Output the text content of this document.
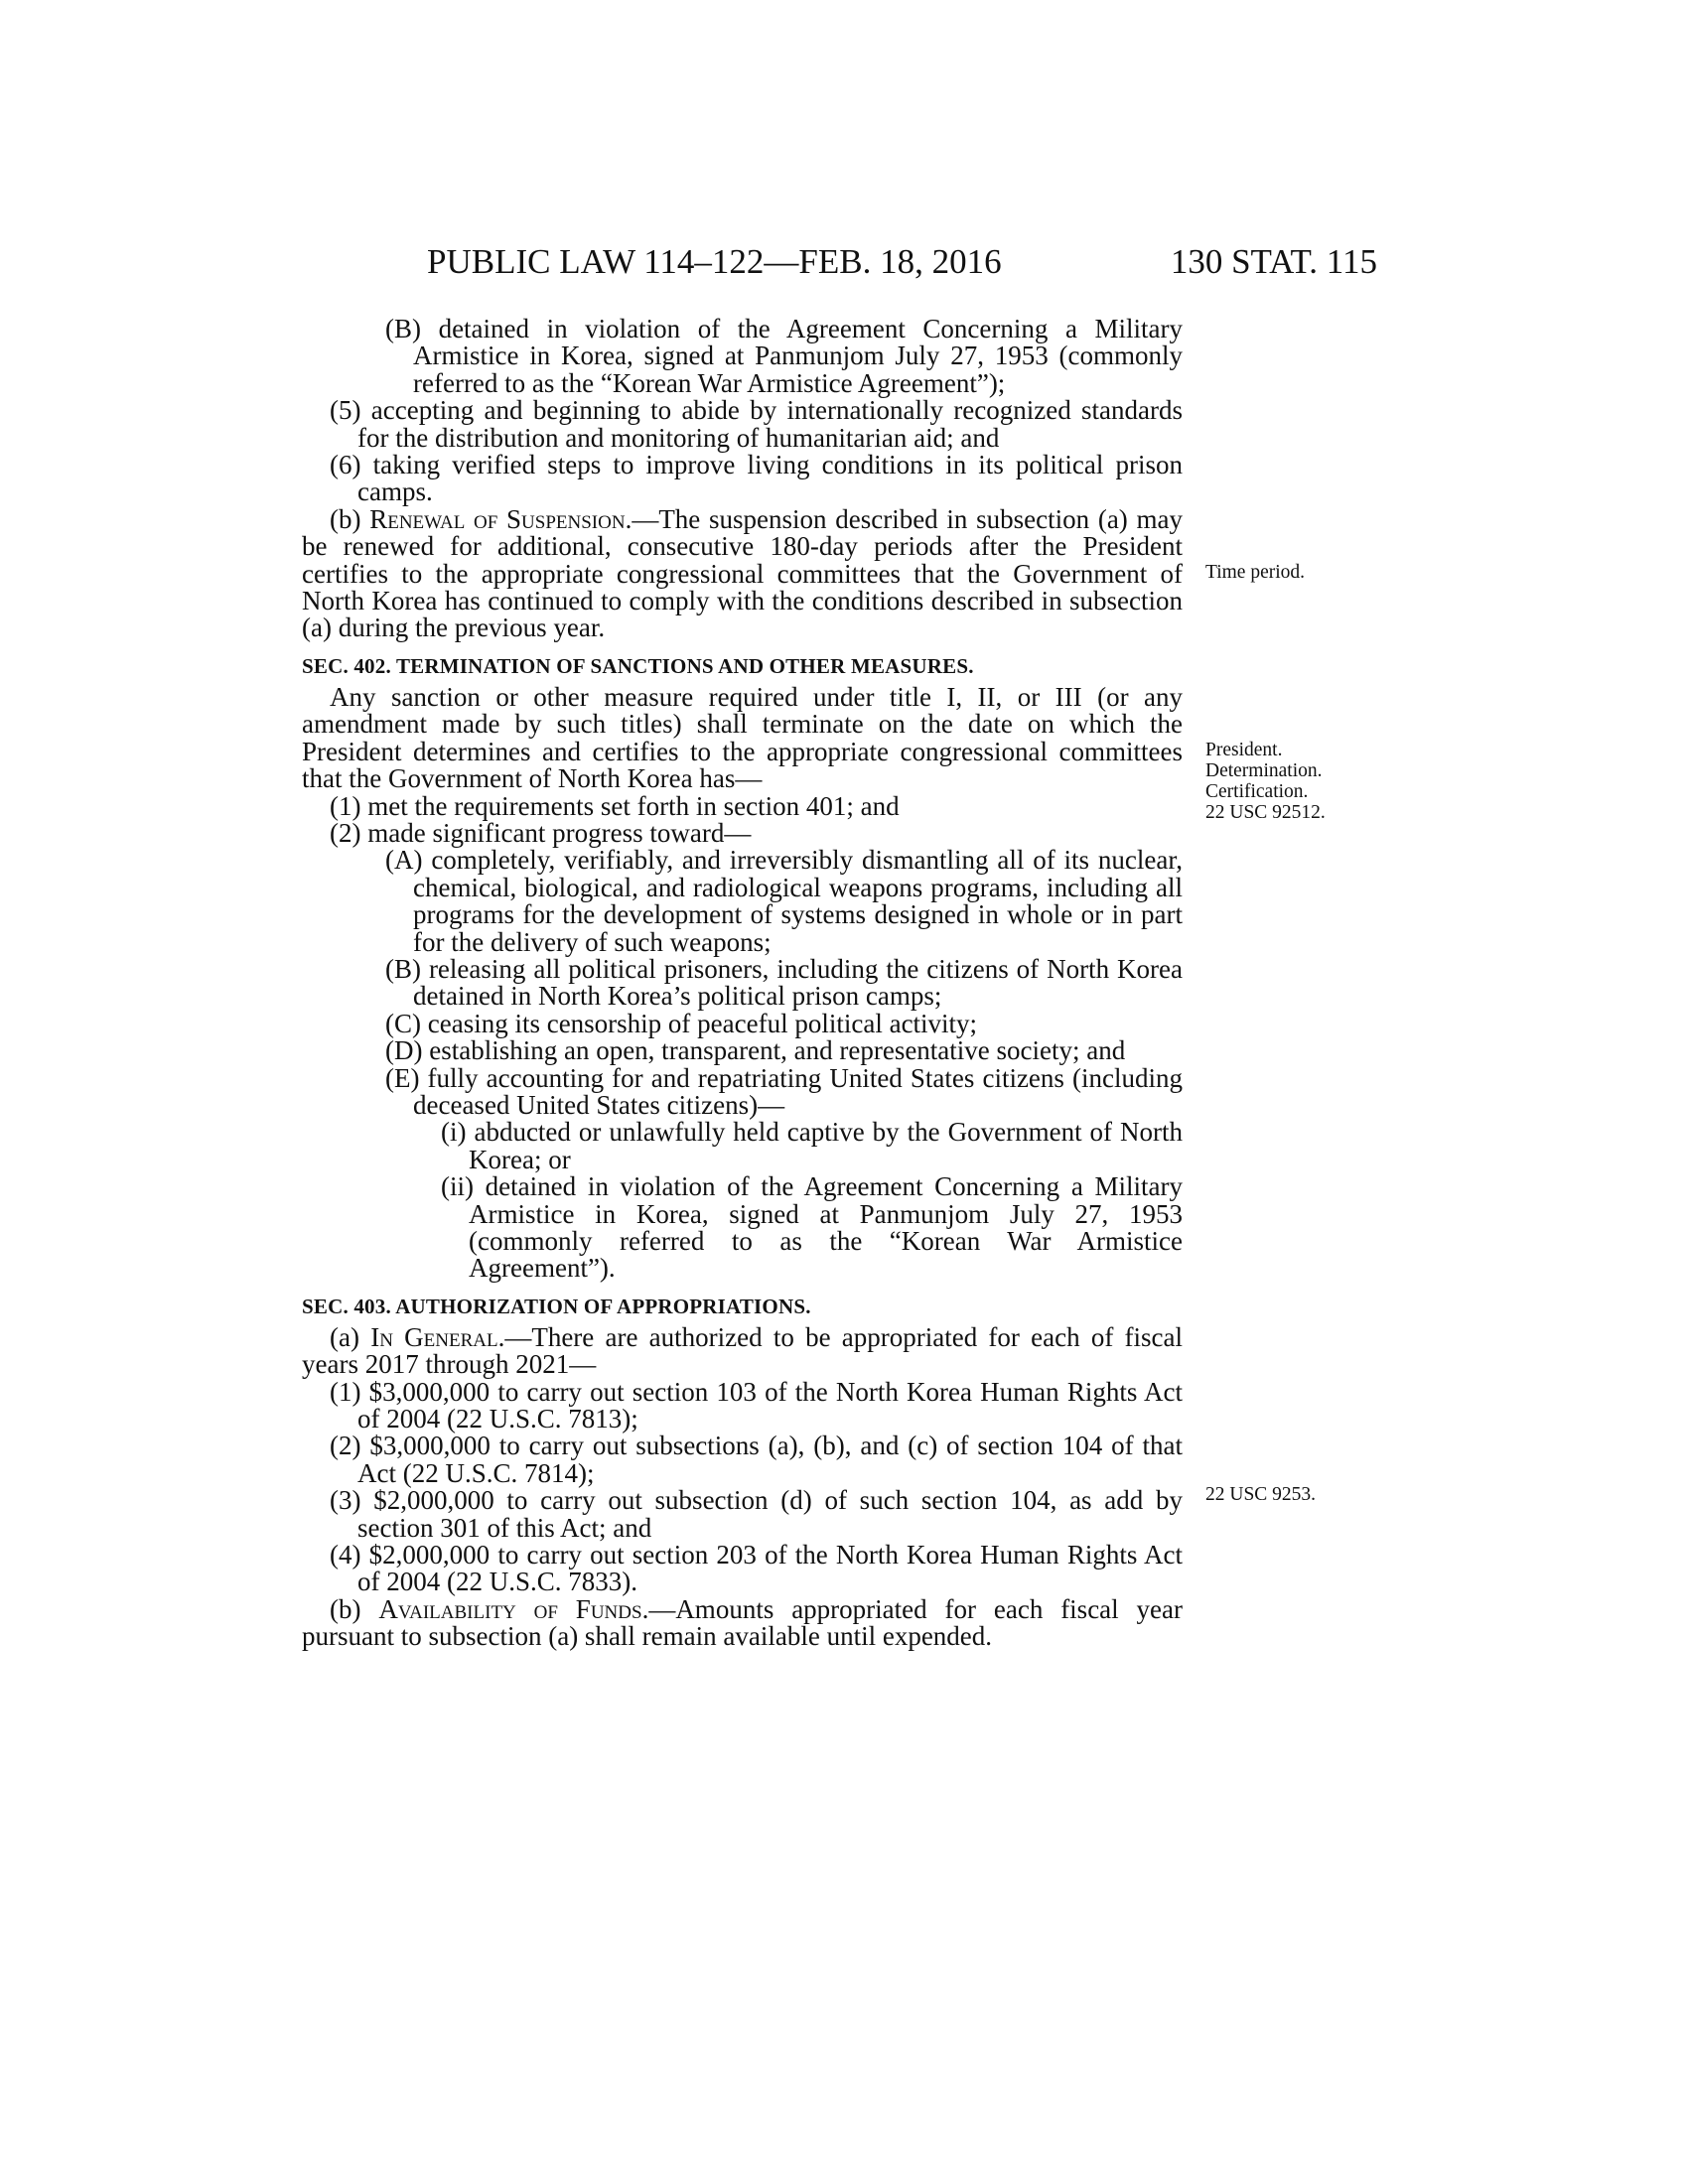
PUBLIC LAW 114–122—FEB. 18, 2016	130 STAT. 115

(B) detained in violation of the Agreement Concerning a Military Armistice in Korea, signed at Panmunjom July 27, 1953 (commonly referred to as the “Korean War Armistice Agreement”);

(5) accepting and beginning to abide by internationally recognized standards for the distribution and monitoring of humanitarian aid; and

(6) taking verified steps to improve living conditions in its political prison camps.

(b) Renewal of Suspension.—The suspension described in subsection (a) may be renewed for additional, consecutive 180-day periods after the President certifies to the appropriate congressional committees that the Government of North Korea has continued to comply with the conditions described in subsection (a) during the previous year.

SEC. 402. TERMINATION OF SANCTIONS AND OTHER MEASURES.

Any sanction or other measure required under title I, II, or III (or any amendment made by such titles) shall terminate on the date on which the President determines and certifies to the appropriate congressional committees that the Government of North Korea has—

(1) met the requirements set forth in section 401; and

(2) made significant progress toward—

(A) completely, verifiably, and irreversibly dismantling all of its nuclear, chemical, biological, and radiological weapons programs, including all programs for the development of systems designed in whole or in part for the delivery of such weapons;

(B) releasing all political prisoners, including the citizens of North Korea detained in North Korea’s political prison camps;

(C) ceasing its censorship of peaceful political activity;

(D) establishing an open, transparent, and representative society; and

(E) fully accounting for and repatriating United States citizens (including deceased United States citizens)—

(i) abducted or unlawfully held captive by the Government of North Korea; or

(ii) detained in violation of the Agreement Concerning a Military Armistice in Korea, signed at Panmunjom July 27, 1953 (commonly referred to as the “Korean War Armistice Agreement”).

SEC. 403. AUTHORIZATION OF APPROPRIATIONS.

(a) In General.—There are authorized to be appropriated for each of fiscal years 2017 through 2021—

(1) $3,000,000 to carry out section 103 of the North Korea Human Rights Act of 2004 (22 U.S.C. 7813);

(2) $3,000,000 to carry out subsections (a), (b), and (c) of section 104 of that Act (22 U.S.C. 7814);

(3) $2,000,000 to carry out subsection (d) of such section 104, as add by section 301 of this Act; and

(4) $2,000,000 to carry out section 203 of the North Korea Human Rights Act of 2004 (22 U.S.C. 7833).

(b) Availability of Funds.—Amounts appropriated for each fiscal year pursuant to subsection (a) shall remain available until expended.

Time period.
President.
Determination.
Certification.
22 USC 92512.
22 USC 9253.
